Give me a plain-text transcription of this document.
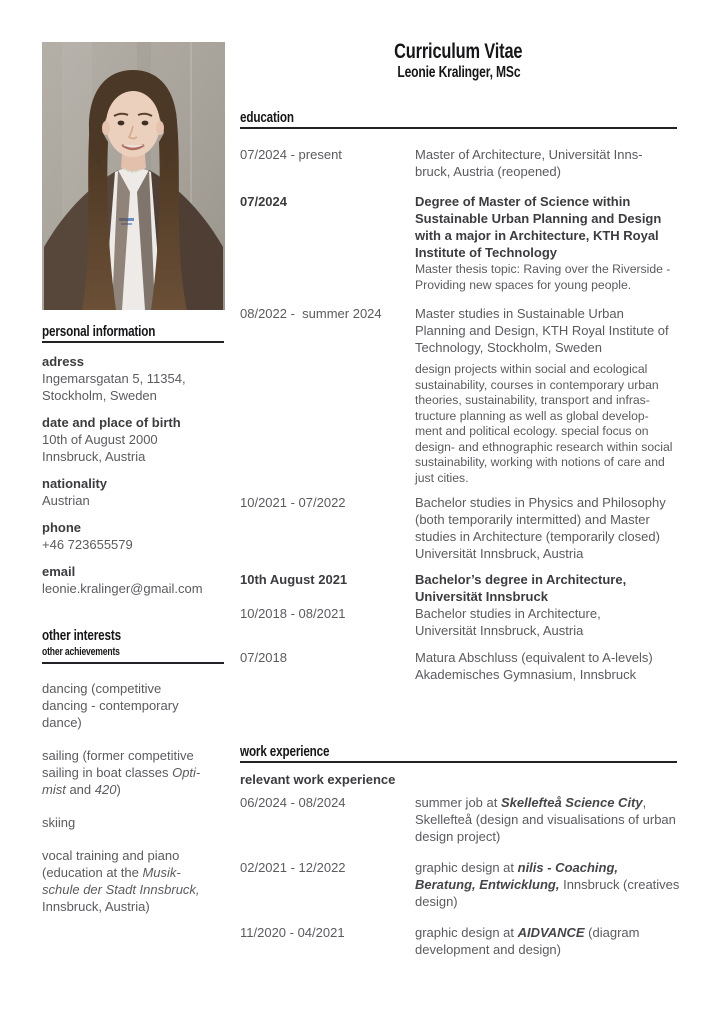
Curriculum Vitae
Leonie Kralinger, MSc
education
07/2024 - present	Master of Architecture, Universität Inns-
bruck, Austria (reopened)
07/2024	Degree of Master of Science within
Sustainable Urban Planning and Design
with a major in Architecture, KTH Royal
Institute of Technology
Master thesis topic: Raving over the Riverside -
Providing new spaces for young people.
08/2022 -  summer 2024	Master studies in Sustainable Urban
Planning and Design, KTH Royal Institute of
Technology, Stockholm, Sweden
design projects within social and ecological
sustainability, courses in contemporary urban
theories, sustainability, transport and infras-
tructure planning as well as global develop-
ment and political ecology. special focus on
design- and ethnographic research within social
sustainability, working with notions of care and
just cities.
10/2021 - 07/2022	Bachelor studies in Physics and Philosophy
(both temporarily intermitted) and Master
studies in Architecture (temporarily closed)
Universität Innsbruck, Austria
10th August 2021	Bachelor’s degree in Architecture,
Universität Innsbruck
10/2018 - 08/2021	Bachelor studies in Architecture,
Universität Innsbruck, Austria
07/2018	Matura Abschluss (equivalent to A-levels)
Akademisches Gymnasium, Innsbruck
work experience
relevant work experience
06/2024 - 08/2024	summer job at Skellefteå Science City,
Skellefteå (design and visualisations of urban
design project)
02/2021 - 12/2022	graphic design at nilis - Coaching,
Beratung, Entwicklung, Innsbruck (creatives
design)
11/2020 - 04/2021	graphic design at AIDVANCE (diagram
development and design)
personal information
adress
Ingemarsgatan 5, 11354,
Stockholm, Sweden
date and place of birth
10th of August 2000
Innsbruck, Austria
nationality
Austrian
phone
+46 723655579
email
leonie.kralinger@gmail.com
other interests other achievements
dancing (competitive
dancing - contemporary
dance)
sailing (former competitive
sailing in boat classes Opti-
mist and 420)
skiing
vocal training and piano
(education at the Musik-
schule der Stadt Innsbruck,
Innsbruck, Austria)
